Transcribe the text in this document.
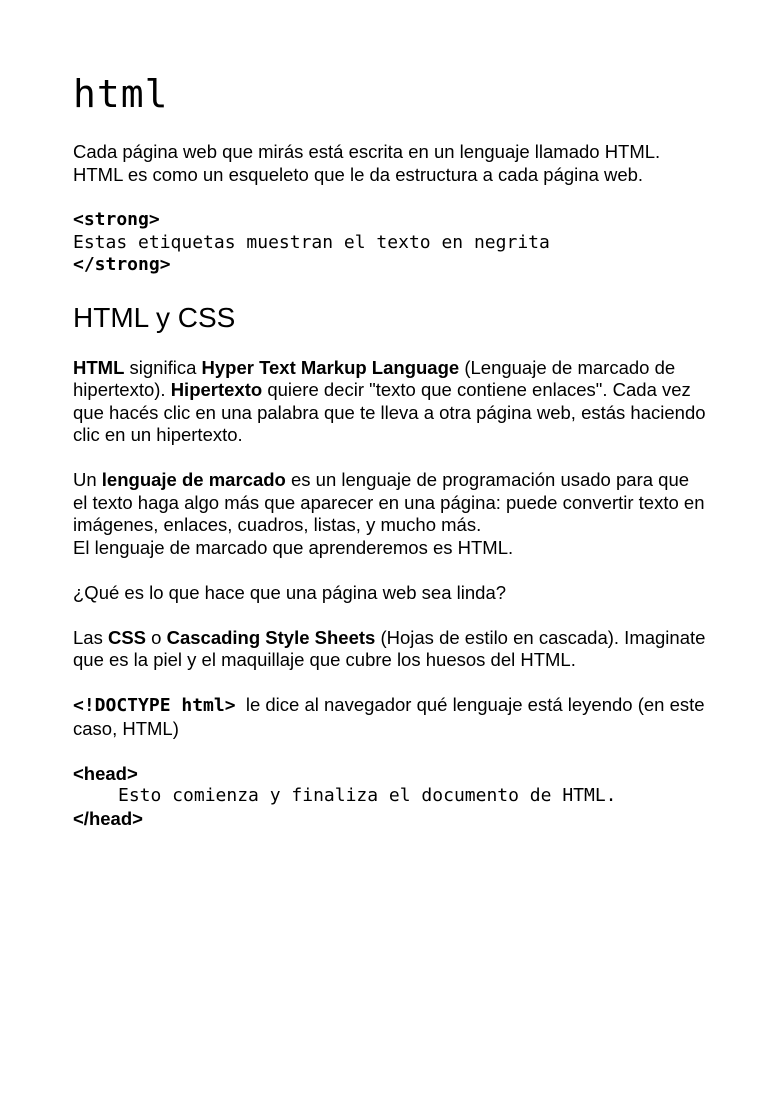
html

Cada página web que mirás está escrita en un lenguaje llamado HTML. HTML es como un esqueleto que le da estructura a cada página web.

<strong>
Estas etiquetas muestran el texto en negrita
</strong>
HTML y CSS

HTML significa Hyper Text Markup Language (Lenguaje de marcado de hipertexto). Hipertexto quiere decir "texto que contiene enlaces". Cada vez que hacés clic en una palabra que te lleva a otra página web, estás haciendo clic en un hipertexto.

Un lenguaje de marcado es un lenguaje de programación usado para que el texto haga algo más que aparecer en una página: puede convertir texto en imágenes, enlaces, cuadros, listas, y mucho más.
El lenguaje de marcado que aprenderemos es HTML.

¿Qué es lo que hace que una página web sea linda?

Las CSS o Cascading Style Sheets (Hojas de estilo en cascada). Imaginate que es la piel y el maquillaje que cubre los huesos del HTML.

<!DOCTYPE html>  le dice al navegador qué lenguaje está leyendo (en este caso, HTML)

<head>
Esto comienza y finaliza el documento de HTML.
</head>
